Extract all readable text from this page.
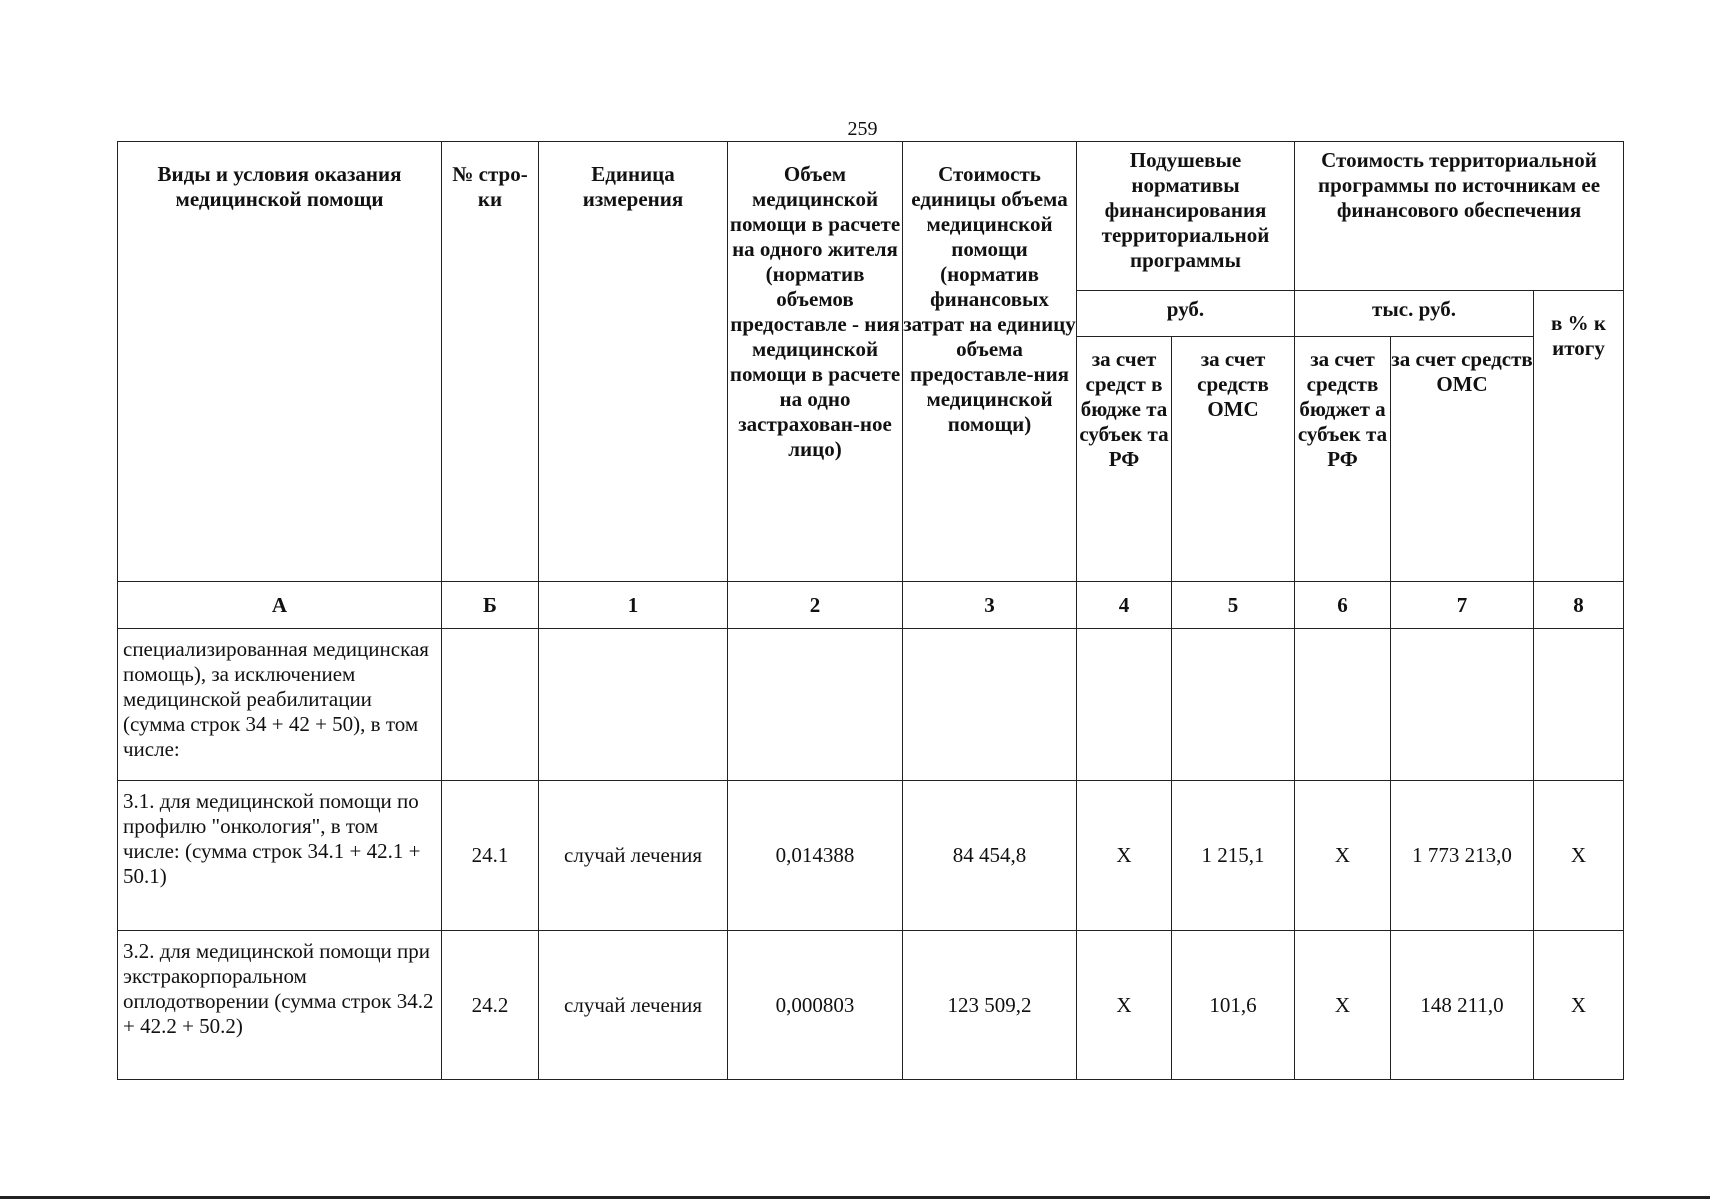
259
Виды и условия оказания медицинской помощи	№ стро-ки	Единица измерения	Объем медицинской помощи в расчете на одного жителя (норматив объемов предоставле - ния медицинской помощи в расчете на одно застрахован-ное лицо)	Стоимость единицы объема медицинской помощи (норматив финансовых затрат на единицу объема предоставле-ния медицинской помощи)	Подушевые нормативы финансирования территориальной программы		Стоимость территориальной программы по источникам ее финансового обеспечения		
					руб.		тыс. руб.		в % к итогу
					за счет средст в бюдже та субъек та РФ	за счет средств ОМС	за счет средств бюджет а субъек та РФ	за счет средств ОМС	
А	Б	1	2	3	4	5	6	7	8
специализированная медицинская помощь), за исключением медицинской реабилитации (сумма строк 34 + 42 + 50), в том числе:									
3.1. для медицинской помощи по профилю "онкология", в том числе: (сумма строк 34.1 + 42.1 + 50.1)	24.1	случай лечения	0,014388	84 454,8	Х	1 215,1	Х	1 773 213,0	Х
3.2. для медицинской помощи при экстракорпоральном оплодотворении (сумма строк 34.2 + 42.2 + 50.2)	24.2	случай лечения	0,000803	123 509,2	Х	101,6	Х	148 211,0	Х
